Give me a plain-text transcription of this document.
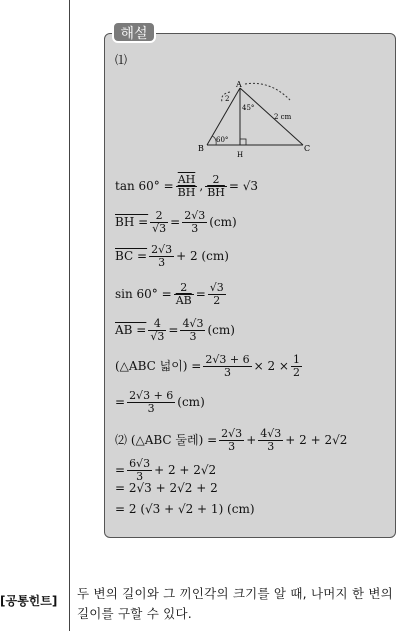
해설
⑴
A
B	C
H
45°
60°
2
2 cm
$\tan 60^\circ = \frac{\overline{AH}}{BH}$ , $\frac{2}{BH} = √3$
BH = $\frac{2}{√3} = \frac{2√3}{3} (cm)$
BC = $\frac{2√3}{3} + 2$ (cm)
$\sin 60^\circ = \frac{2}{AB} = \frac{√3}{2}$
AB = $\frac{4}{√3} = \frac{4√3}{3} (cm)$
(△ABC 넓이) = $\frac{2√3 + 6}{3} \times 2 \times \frac{1}{2}$
= $\frac{2√3 + 6}{3} (cm)$
⑵ (△ABC 둘레) = $\frac{2√3}{3} + \frac{4√3}{3} + 2 + 2√2$
= $\frac{6√3}{3} + 2 + 2√2$
= 2√3 + 2√2 + 2
= 2 (√3 + √2 + 1) (cm)
[공통힌트] 두 변의 길이와 그 끼인각의 크기를 알 때, 나머지 한 변의 길이를 구할 수 있다.
